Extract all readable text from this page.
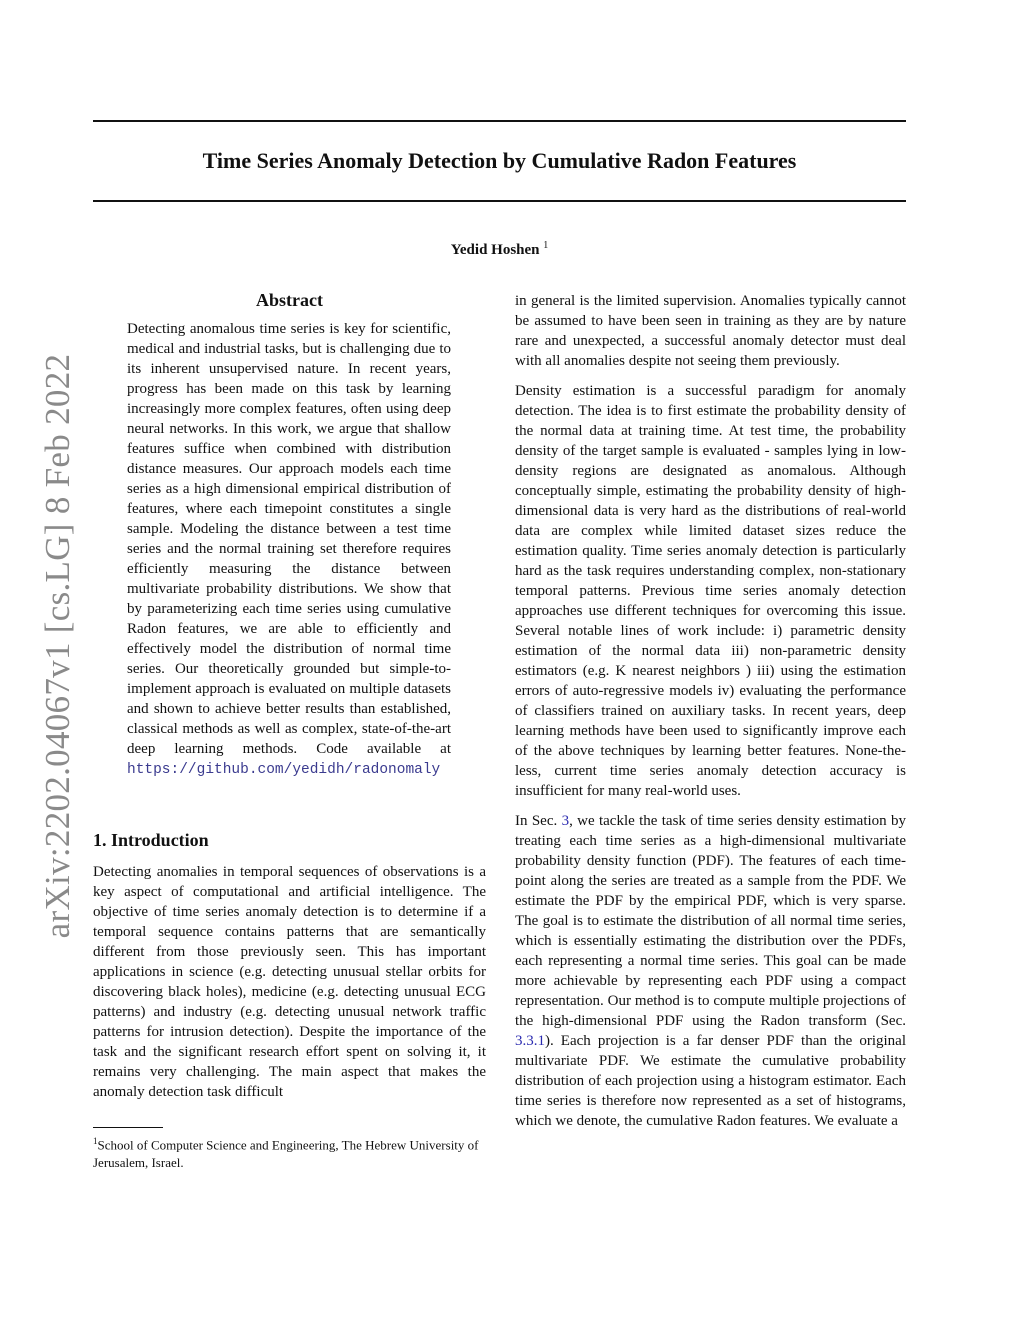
arXiv:2202.04067v1 [cs.LG] 8 Feb 2022
Time Series Anomaly Detection by Cumulative Radon Features
Yedid Hoshen $^1$
Abstract
Detecting anomalous time series is key for scientific, medical and industrial tasks, but is challenging due to its inherent unsupervised nature. In recent years, progress has been made on this task by learning increasingly more complex features, often using deep neural networks. In this work, we argue that shallow features suffice when combined with distribution distance measures. Our approach models each time series as a high dimensional empirical distribution of features, where each timepoint constitutes a single sample. Modeling the distance between a test time series and the normal training set therefore requires efficiently measuring the distance between multivariate probability distributions. We show that by parameterizing each time series using cumulative Radon features, we are able to efficiently and effectively model the distribution of normal time series. Our theoretically grounded but simple-to-implement approach is evaluated on multiple datasets and shown to achieve better results than established, classical methods as well as complex, state-of-the-art deep learning methods. Code available at https://github.com/yedidh/radonomaly
1. Introduction

Detecting anomalies in temporal sequences of observations is a key aspect of computational and artificial intelligence. The objective of time series anomaly detection is to determine if a temporal sequence contains patterns that are semantically different from those previously seen. This has important applications in science (e.g. detecting unusual stellar orbits for discovering black holes), medicine (e.g. detecting unusual ECG patterns) and industry (e.g. detecting unusual network traffic patterns for intrusion detection). Despite the importance of the task and the significant research effort spent on solving it, it remains very challenging. The main aspect that makes the anomaly detection task difficult

$^1$School of Computer Science and Engineering, The Hebrew University of Jerusalem, Israel.

in general is the limited supervision. Anomalies typically cannot be assumed to have been seen in training as they are by nature rare and unexpected, a successful anomaly detector must deal with all anomalies despite not seeing them previously.

Density estimation is a successful paradigm for anomaly detection. The idea is to first estimate the probability density of the normal data at training time. At test time, the probability density of the target sample is evaluated - samples lying in low-density regions are designated as anomalous. Although conceptually simple, estimating the probability density of high-dimensional data is very hard as the distributions of real-world data are complex while limited dataset sizes reduce the estimation quality. Time series anomaly detection is particularly hard as the task requires understanding complex, non-stationary temporal patterns. Previous time series anomaly detection approaches use different techniques for overcoming this issue. Several notable lines of work include: i) parametric density estimation of the normal data iii) non-parametric density estimators (e.g. K nearest neighbors ) iii) using the estimation errors of auto-regressive models iv) evaluating the performance of classifiers trained on auxiliary tasks. In recent years, deep learning methods have been used to significantly improve each of the above techniques by learning better features. None-the-less, current time series anomaly detection accuracy is insufficient for many real-world uses.

In Sec. 3, we tackle the task of time series density estimation by treating each time series as a high-dimensional multivariate probability density function (PDF). The features of each time-point along the series are treated as a sample from the PDF. We estimate the PDF by the empirical PDF, which is very sparse. The goal is to estimate the distribution of all normal time series, which is essentially estimating the distribution over the PDFs, each representing a normal time series. This goal can be made more achievable by representing each PDF using a compact representation. Our method is to compute multiple projections of the high-dimensional PDF using the Radon transform (Sec. 3.3.1). Each projection is a far denser PDF than the original multivariate PDF. We estimate the cumulative probability distribution of each projection using a histogram estimator. Each time series is therefore now represented as a set of histograms, which we denote, the cumulative Radon features. We evaluate a
